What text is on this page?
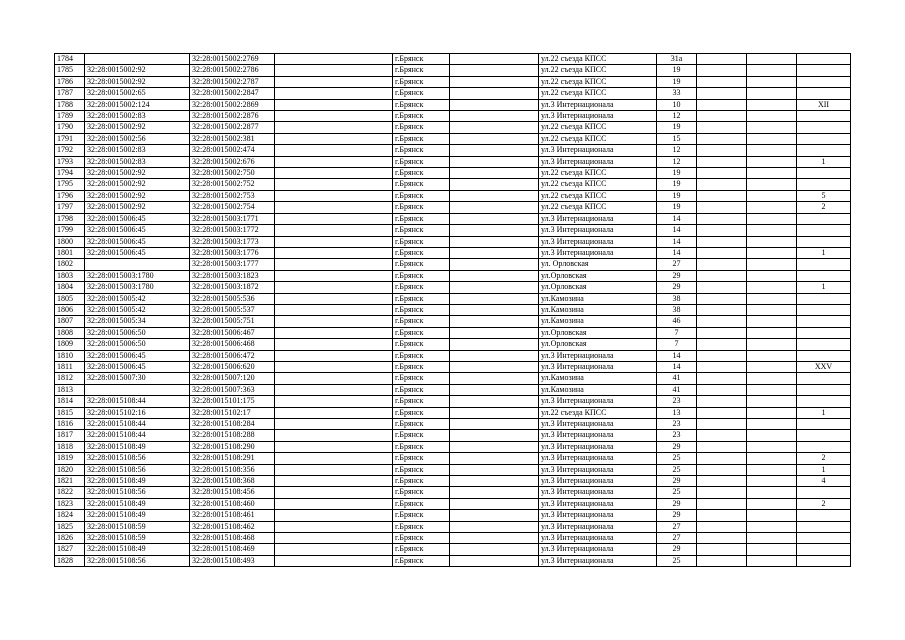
1784		32:28:0015002:2769		г.Брянск		ул.22 съезда КПСС	31а			
1785	32:28:0015002:92	32:28:0015002:2786		г.Брянск		ул.22 съезда КПСС	19			
1786	32:28:0015002:92	32:28:0015002:2787		г.Брянск		ул.22 съезда КПСС	19			
1787	32:28:0015002:65	32:28:0015002:2847		г.Брянск		ул.22 съезда КПСС	33			
1788	32:28:0015002:124	32:28:0015002:2869		г.Брянск		ул.3 Интернационала	10			XII
1789	32:28:0015002:83	32:28:0015002:2876		г.Брянск		ул.3 Интернационала	12			
1790	32:28:0015002:92	32:28:0015002:2877		г.Брянск		ул.22 съезда КПСС	19			
1791	32:28:0015002:56	32:28:0015002:381		г.Брянск		ул.22 съезда КПСС	15			
1792	32:28:0015002:83	32:28:0015002:474		г.Брянск		ул.3 Интернационала	12			
1793	32:28:0015002:83	32:28:0015002:676		г.Брянск		ул.3 Интернационала	12			1
1794	32:28:0015002:92	32:28:0015002:750		г.Брянск		ул.22 съезда КПСС	19			
1795	32:28:0015002:92	32:28:0015002:752		г.Брянск		ул.22 съезда КПСС	19			
1796	32:28:0015002:92	32:28:0015002:753		г.Брянск		ул.22 съезда КПСС	19			5
1797	32:28:0015002:92	32:28:0015002:754		г.Брянск		ул.22 съезда КПСС	19			2
1798	32:28:0015006:45	32:28:0015003:1771		г.Брянск		ул.3 Интернационала	14			
1799	32:28:0015006:45	32:28:0015003:1772		г.Брянск		ул.3 Интернационала	14			
1800	32:28:0015006:45	32:28:0015003:1773		г.Брянск		ул.3 Интернационала	14			
1801	32:28:0015006:45	32:28:0015003:1776		г.Брянск		ул.3 Интернационала	14			1
1802		32:28:0015003:1777		г.Брянск		ул. Орловская	27			
1803	32:28:0015003:1780	32:28:0015003:1823		г.Брянск		ул.Орловская	29			
1804	32:28:0015003:1780	32:28:0015003:1872		г.Брянск		ул.Орловская	29			1
1805	32:28:0015005:42	32:28:0015005:536		г.Брянск		ул.Камозина	38			
1806	32:28:0015005:42	32:28:0015005:537		г.Брянск		ул.Камозина	38			
1807	32:28:0015005:34	32:28:0015005:751		г.Брянск		ул.Камозина	46			
1808	32:28:0015006:50	32:28:0015006:467		г.Брянск		ул.Орловская	7			
1809	32:28:0015006:50	32:28:0015006:468		г.Брянск		ул.Орловская	7			
1810	32:28:0015006:45	32:28:0015006:472		г.Брянск		ул.3 Интернационала	14			
1811	32:28:0015006:45	32:28:0015006:620		г.Брянск		ул.3 Интернационала	14			XXV
1812	32:28:0015007:30	32:28:0015007:120		г.Брянск		ул.Камозина	41			
1813		32:28:0015007:363		г.Брянск		ул.Камозина	41			
1814	32:28:0015108:44	32:28:0015101:175		г.Брянск		ул.3 Интернационала	23			
1815	32:28:0015102:16	32:28:0015102:17		г.Брянск		ул.22 съезда КПСС	13			1
1816	32:28:0015108:44	32:28:0015108:284		г.Брянск		ул.3 Интернационала	23			
1817	32:28:0015108:44	32:28:0015108:288		г.Брянск		ул.3 Интернационала	23			
1818	32:28:0015108:49	32:28:0015108:290		г.Брянск		ул.3 Интернационала	29			
1819	32:28:0015108:56	32:28:0015108:291		г.Брянск		ул.3 Интернационала	25			2
1820	32:28:0015108:56	32:28:0015108:356		г.Брянск		ул.3 Интернационала	25			1
1821	32:28:0015108:49	32:28:0015108:368		г.Брянск		ул.3 Интернационала	29			4
1822	32:28:0015108:56	32:28:0015108:456		г.Брянск		ул.3 Интернационала	25			
1823	32:28:0015108:49	32:28:0015108:460		г.Брянск		ул.3 Интернационала	29			2
1824	32:28:0015108:49	32:28:0015108:461		г.Брянск		ул.3 Интернационала	29			
1825	32:28:0015108:59	32:28:0015108:462		г.Брянск		ул.3 Интернационала	27			
1826	32:28:0015108:59	32:28:0015108:468		г.Брянск		ул.3 Интернационала	27			
1827	32:28:0015108:49	32:28:0015108:469		г.Брянск		ул.3 Интернационала	29			
1828	32:28:0015108:56	32:28:0015108:493		г.Брянск		ул.3 Интернационала	25			
